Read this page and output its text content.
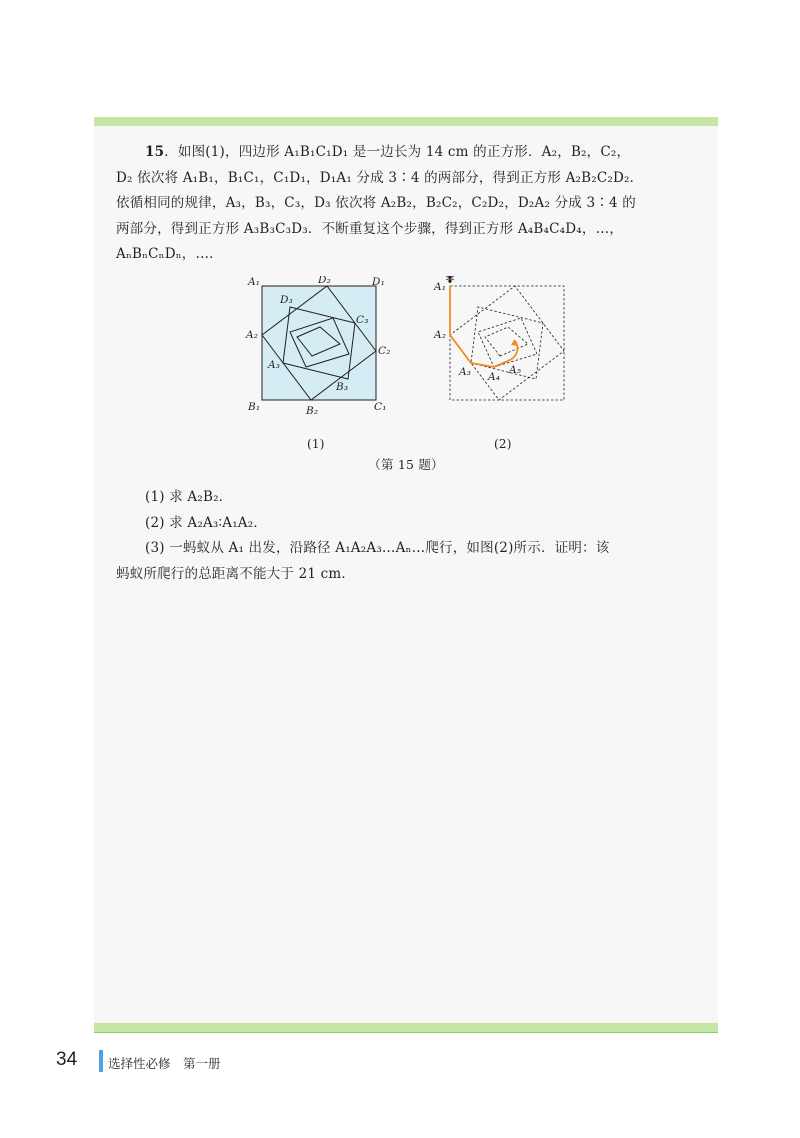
15．如图(1)，四边形 A₁B₁C₁D₁ 是一边长为 14 cm 的正方形．A₂，B₂，C₂，

D₂ 依次将 A₁B₁，B₁C₁，C₁D₁，D₁A₁ 分成 3∶4 的两部分，得到正方形 A₂B₂C₂D₂．

依循相同的规律，A₃，B₃，C₃，D₃ 依次将 A₂B₂，B₂C₂，C₂D₂，D₂A₂ 分成 3∶4 的

两部分，得到正方形 A₃B₃C₃D₃．不断重复这个步骤，得到正方形 A₄B₄C₄D₄，…，

AₙBₙCₙDₙ，…．

A₁	D₂	D₁
D₃
C₃
A₂
C₂
A₃
B₃
B₁	B₂	C₁
(1)
A₁
A₂
A₃ A₄
A₅
(2)

（第 15 题）

(1) 求 A₂B₂．

(2) 求 A₂A₃∶A₁A₂．

(3) 一蚂蚁从 A₁ 出发，沿路径 A₁A₂A₃…Aₙ…爬行，如图(2)所示．证明：该

蚂蚁所爬行的总距离不能大于 21 cm．

34 选择性必修　第一册
